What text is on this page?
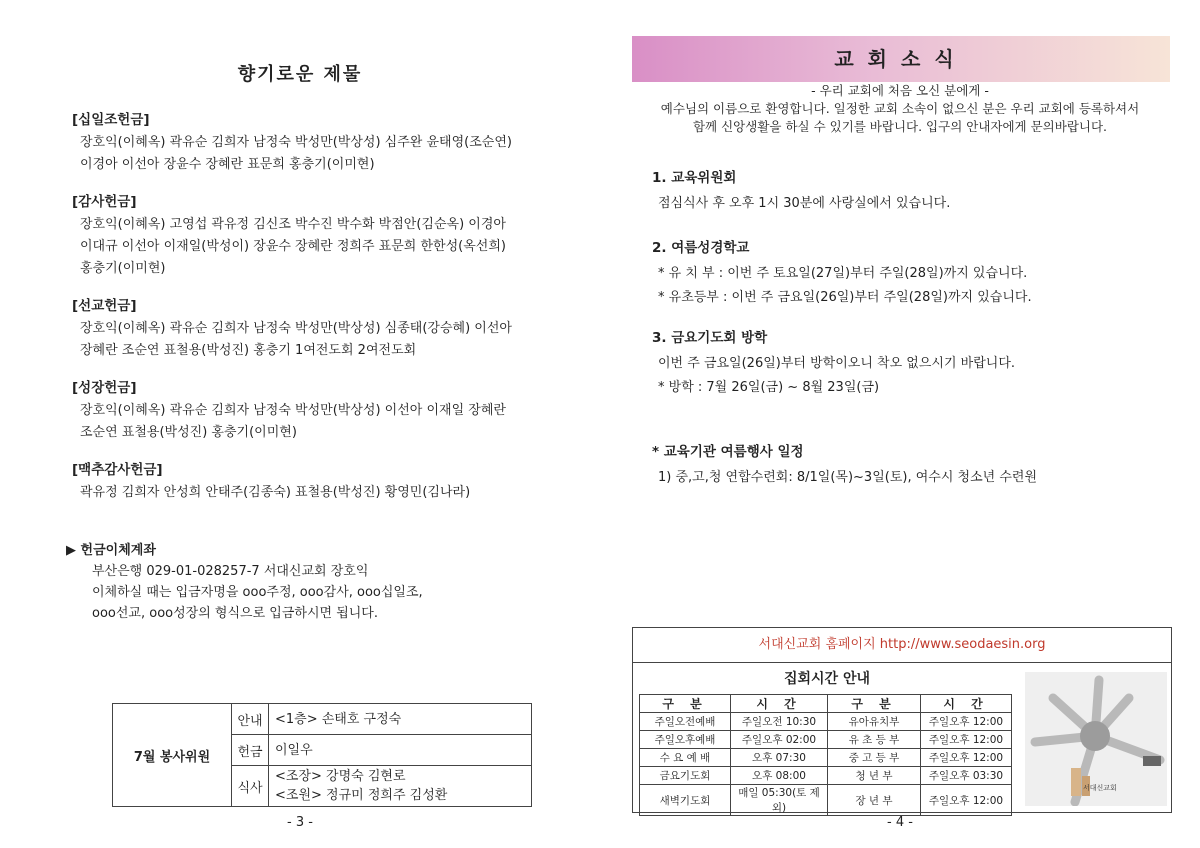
향기로운 제물
[십일조헌금]
장호익(이혜옥) 곽유순 김희자 남정숙 박성만(박상성) 심주완 윤태영(조순연)
이경아 이선아 장윤수 장혜란 표문희 홍충기(이미현)
[감사헌금]
장호익(이혜옥) 고영섭 곽유정 김신조 박수진 박수화 박점안(김순옥) 이경아
이대규 이선아 이재일(박성이) 장윤수 장혜란 정희주 표문희 한한성(옥선희)
홍충기(이미현)
[선교헌금]
장호익(이혜옥) 곽유순 김희자 남정숙 박성만(박상성) 심종태(강승혜) 이선아
장혜란 조순연 표철용(박성진) 홍충기 1여전도회 2여전도회
[성장헌금]
장호익(이혜옥) 곽유순 김희자 남정숙 박성만(박상성) 이선아 이재일 장혜란
조순연 표철용(박성진) 홍충기(이미현)
[맥추감사헌금]
곽유정 김희자 안성희 안태주(김종숙) 표철용(박성진) 황영민(김나라)
▶ 헌금이체계좌
부산은행 029-01-028257-7 서대신교회 장호익
이체하실 때는 입금자명을 ooo주정, ooo감사, ooo십일조,
ooo선교, ooo성장의 형식으로 입금하시면 됩니다.
7월 봉사위원	안내	<1층> 손태호 구정숙
	헌금	이일우
	식사	<조장> 강명숙 김현로
<조원> 정규미 정희주 김성환
- 3 -
교회소식
- 우리 교회에 처음 오신 분에게 -
예수님의 이름으로 환영합니다. 일정한 교회 소속이 없으신 분은 우리 교회에 등록하셔서
함께 신앙생활을 하실 수 있기를 바랍니다. 입구의 안내자에게 문의바랍니다.
1. 교육위원회
점심식사 후 오후 1시 30분에 사랑실에서 있습니다.
2. 여름성경학교
* 유 치 부 : 이번 주 토요일(27일)부터 주일(28일)까지 있습니다.
* 유초등부 : 이번 주 금요일(26일)부터 주일(28일)까지 있습니다.
3. 금요기도회 방학
이번 주 금요일(26일)부터 방학이오니 착오 없으시기 바랍니다.
* 방학 : 7월 26일(금) ~ 8월 23일(금)
* 교육기관 여름행사 일정
1) 중,고,청 연합수련회: 8/1일(목)~3일(토), 여수시 청소년 수련원
서대신교회 홈페이지 http://www.seodaesin.org
집회시간 안내
구 분	시 간	구 분	시 간
주일오전예배	주일오전 10:30	유아유치부	주일오후 12:00
주일오후예배	주일오후 02:00	유 초 등 부	주일오후 12:00
수 요 예 배	오후 07:30	중 고 등 부	주일오후 12:00
금요기도회	오후 08:00	청 년 부	주일오후 03:30
새벽기도회	매일 05:30(토 제외)	장 년 부	주일오후 12:00
서대신교회
- 4 -
